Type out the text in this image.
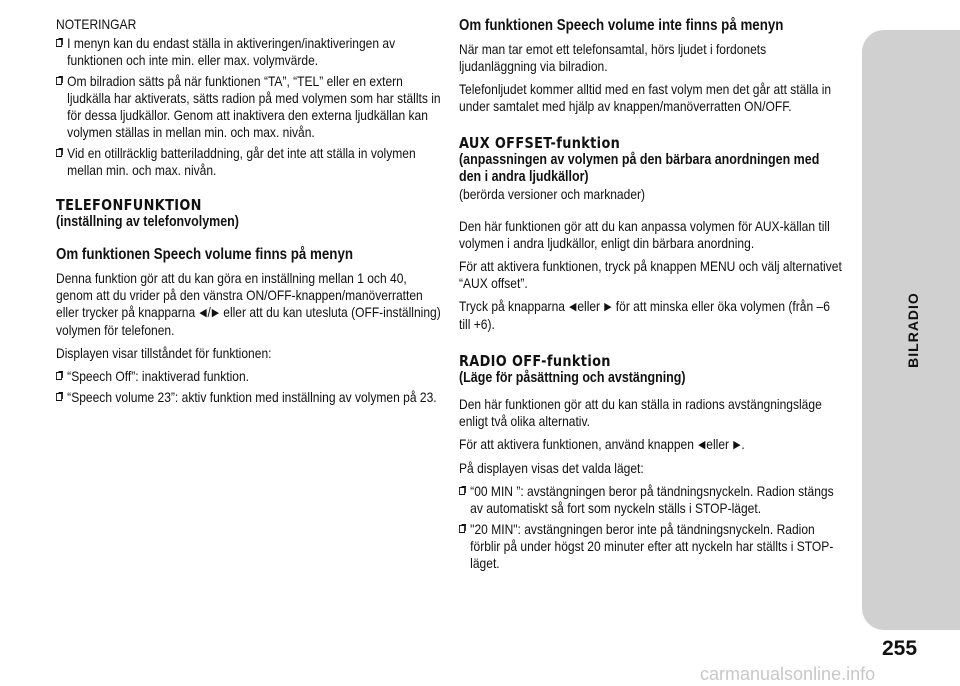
NOTERINGAR

I menyn kan du endast ställa in aktiveringen/inaktiveringen av funktionen och inte min. eller max. volymvärde.
Om bilradion sätts på när funktionen “TA”, “TEL” eller en extern ljudkälla har aktiverats, sätts radion på med volymen som har ställts in för dessa ljudkällor. Genom att inaktivera den externa ljudkällan kan volymen ställas in mellan min. och max. nivån.
Vid en otillräcklig batteriladdning, går det inte att ställa in volymen mellan min. och max. nivån.
TELEFONFUNKTION
(inställning av telefonvolymen)
Om funktionen Speech volume finns på menyn

Denna funktion gör att du kan göra en inställning mellan 1 och 40, genom att du vrider på den vänstra ON/OFF-knappen/manöverratten eller trycker på knapparna ◀/▶ eller att du kan utesluta (OFF-inställning) volymen för telefonen.

Displayen visar tillståndet för funktionen:

“Speech Off”: inaktiverad funktion.
“Speech volume 23”: aktiv funktion med inställning av volymen på 23.
Om funktionen Speech volume inte finns på menyn

När man tar emot ett telefonsamtal, hörs ljudet i fordonets ljudanläggning via bilradion.

Telefonljudet kommer alltid med en fast volym men det går att ställa in under samtalet med hjälp av knappen/manöverratten ON/OFF.

AUX OFFSET-funktion
(anpassningen av volymen på den bärbara anordningen med den i andra ljudkällor)

(berörda versioner och marknader)

Den här funktionen gör att du kan anpassa volymen för AUX-källan till volymen i andra ljudkällor, enligt din bärbara anordning.

För att aktivera funktionen, tryck på knappen MENU och välj alternativet “AUX offset”.

Tryck på knapparna ◀eller ▶ för att minska eller öka volymen (från –6 till +6).

RADIO OFF-funktion
(Läge för påsättning och avstängning)

Den här funktionen gör att du kan ställa in radions avstängningsläge enligt två olika alternativ.

För att aktivera funktionen, använd knappen ◀eller ▶.

På displayen visas det valda läget:

“00 MIN ”: avstängningen beror på tändningsnyckeln. Radion stängs av automatiskt så fort som nyckeln ställs i STOP-läget.
"20 MIN": avstängningen beror inte på tändningsnyckeln. Radion förblir på under högst 20 minuter efter att nyckeln har ställts i STOP-läget.
BILRADIO
255
carmanualsonline.info
